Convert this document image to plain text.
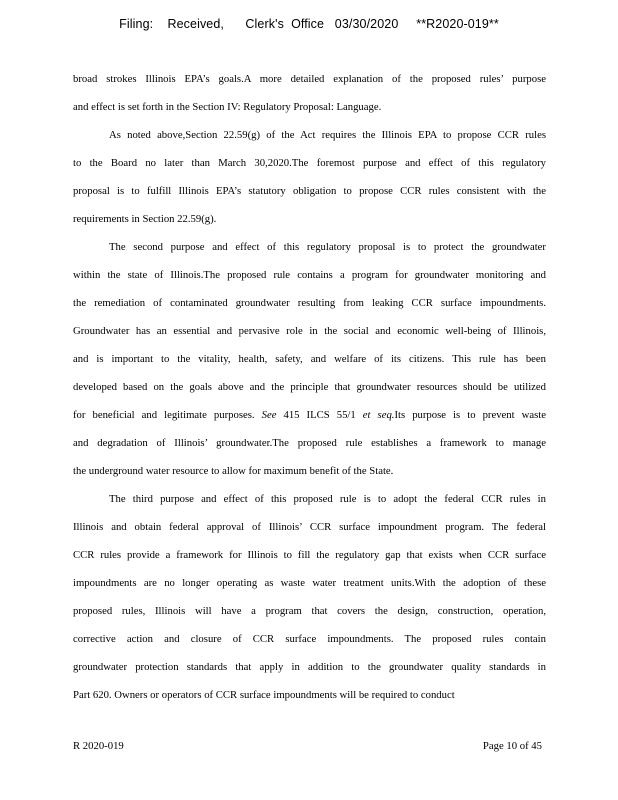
Filing:    Received,      Clerk's  Office   03/30/2020     **R2020-019**
broad strokes Illinois EPA’s goals.A more detailed explanation of the proposed rules’ purpose
and effect is set forth in the Section IV: Regulatory Proposal: Language.
As noted above,Section 22.59(g) of the Act requires the Illinois EPA to propose CCR rules
to the Board no later than March 30,2020.The foremost purpose and effect of this regulatory
proposal is to fulfill Illinois EPA’s statutory obligation to propose CCR rules consistent with the
requirements in Section 22.59(g).
The second purpose and effect of this regulatory proposal is to protect the groundwater
within the state of Illinois.The proposed rule contains a program for groundwater monitoring and
the remediation of contaminated groundwater resulting from leaking CCR surface impoundments.
Groundwater has an essential and pervasive role in the social and economic well-being of Illinois,
and is important to the vitality, health, safety, and welfare of its citizens. This rule has been
developed based on the goals above and the principle that groundwater resources should be utilized
for beneficial and legitimate purposes. See 415 ILCS 55/1 et seq.Its purpose is to prevent waste
and degradation of Illinois’ groundwater.The proposed rule establishes a framework to manage
the underground water resource to allow for maximum benefit of the State.
The third purpose and effect of this proposed rule is to adopt the federal CCR rules in
Illinois and obtain federal approval of Illinois’ CCR surface impoundment program. The federal
CCR rules provide a framework for Illinois to fill the regulatory gap that exists when CCR surface
impoundments are no longer operating as waste water treatment units.With the adoption of these
proposed rules, Illinois will have a program that covers the design, construction, operation,
corrective action and closure of CCR surface impoundments. The proposed rules contain
groundwater protection standards that apply in addition to the groundwater quality standards in
Part 620. Owners or operators of CCR surface impoundments will be required to conduct
R 2020-019	Page 10 of 45
